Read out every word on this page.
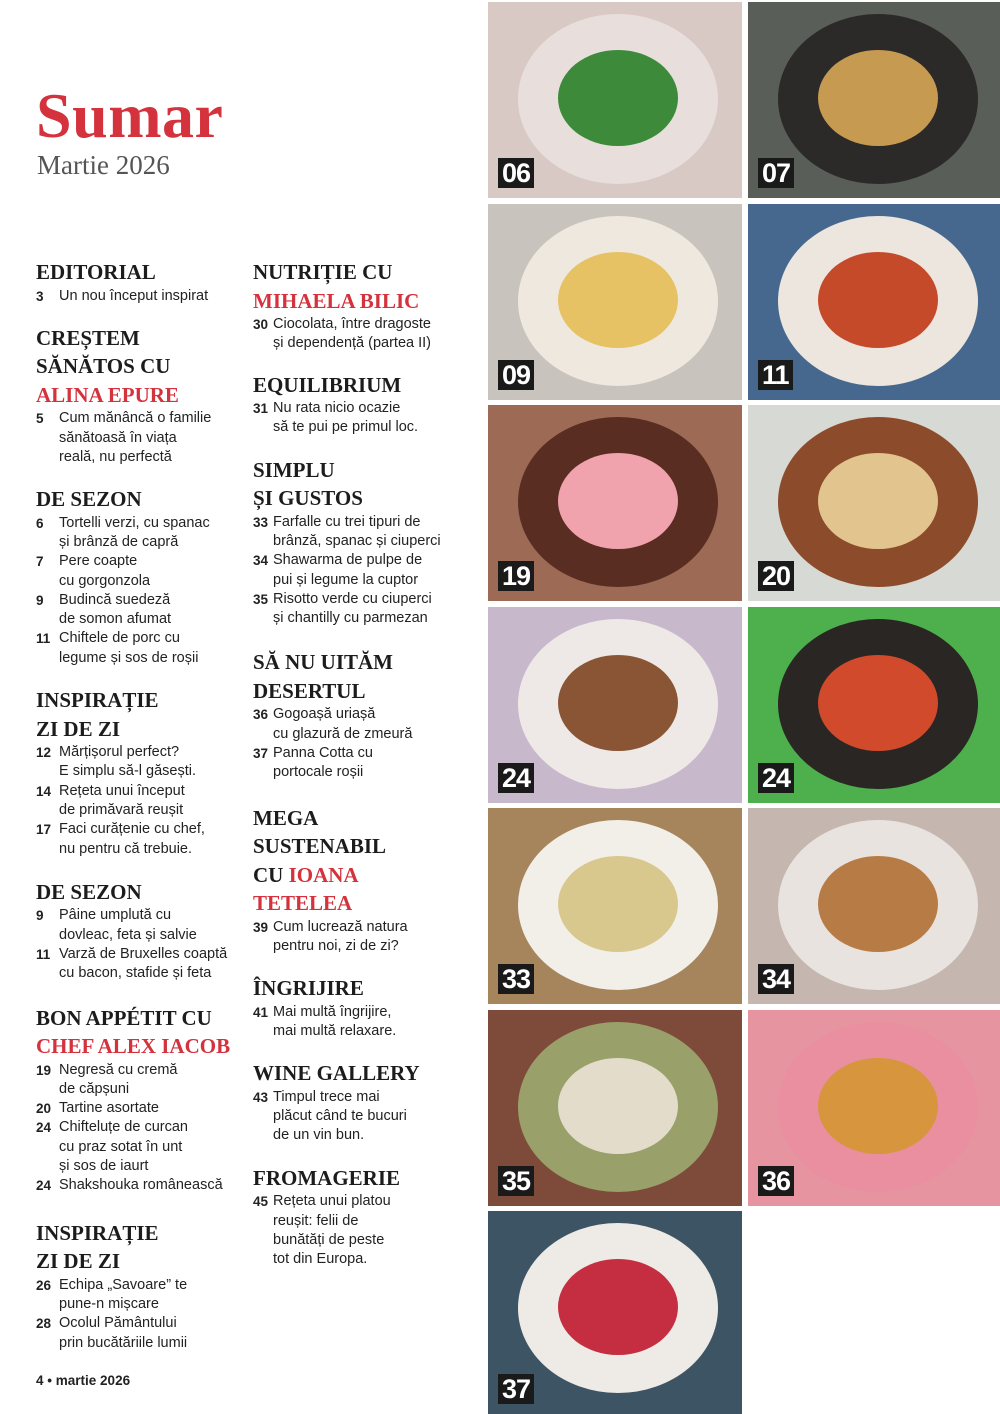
Sumar
Martie 2026
EDITORIAL
3	Un nou început inspirat
CREȘTEM
SĂNĂTOS CU
ALINA EPURE
5	Cum mănâncă o familie
sănătoasă în viața
reală, nu perfectă
DE SEZON
6	Tortelli verzi, cu spanac
și brânză de capră
7	Pere coapte
cu gorgonzola
9	Budincă suedeză
de somon afumat
11 Chiftele de porc cu
legume și sos de roșii
INSPIRAȚIE
ZI DE ZI
12 Mărțișorul perfect?
E simplu să-l găsești.
14 Rețeta unui început
de primăvară reușit
17 Faci curățenie cu chef,
nu pentru că trebuie.
DE SEZON
9	Pâine umplută cu
dovleac, feta și salvie
11 Varză de Bruxelles coaptă
cu bacon, stafide și feta
BON APPÉTIT CU
CHEF ALEX IACOB
19 Negresă cu cremă
de căpșuni
20 Tartine asortate
24 Chifteluțe de curcan
cu praz sotat în unt
și sos de iaurt
24 Shakshouka românească
INSPIRAȚIE
ZI DE ZI
26 Echipa „Savoare” te
pune-n mișcare
28 Ocolul Pământului
prin bucătăriile lumii
NUTRIȚIE CU
MIHAELA BILIC
30 Ciocolata, între dragoste
și dependență (partea II)
EQUILIBRIUM
31 Nu rata nicio ocazie
să te pui pe primul loc.
SIMPLU
ȘI GUSTOS
33 Farfalle cu trei tipuri de
brânză, spanac și ciuperci
34 Shawarma de pulpe de
pui și legume la cuptor
35 Risotto verde cu ciuperci
și chantilly cu parmezan
SĂ NU UITĂM
DESERTUL
36 Gogoașă uriașă
cu glazură de zmeură
37 Panna Cotta cu
portocale roșii
MEGA
SUSTENABIL
CU IOANA
TETELEA
39 Cum lucrează natura
pentru noi, zi de zi?
ÎNGRIJIRE
41 Mai multă îngrijire,
mai multă relaxare.
WINE GALLERY
43 Timpul trece mai
plăcut când te bucuri
de un vin bun.
FROMAGERIE
45 Rețeta unui platou
reușit: felii de
bunătăți de peste
tot din Europa.
06	07
09	11
19	20
24	24
33	34
35	36
37
4 • martie 2026
